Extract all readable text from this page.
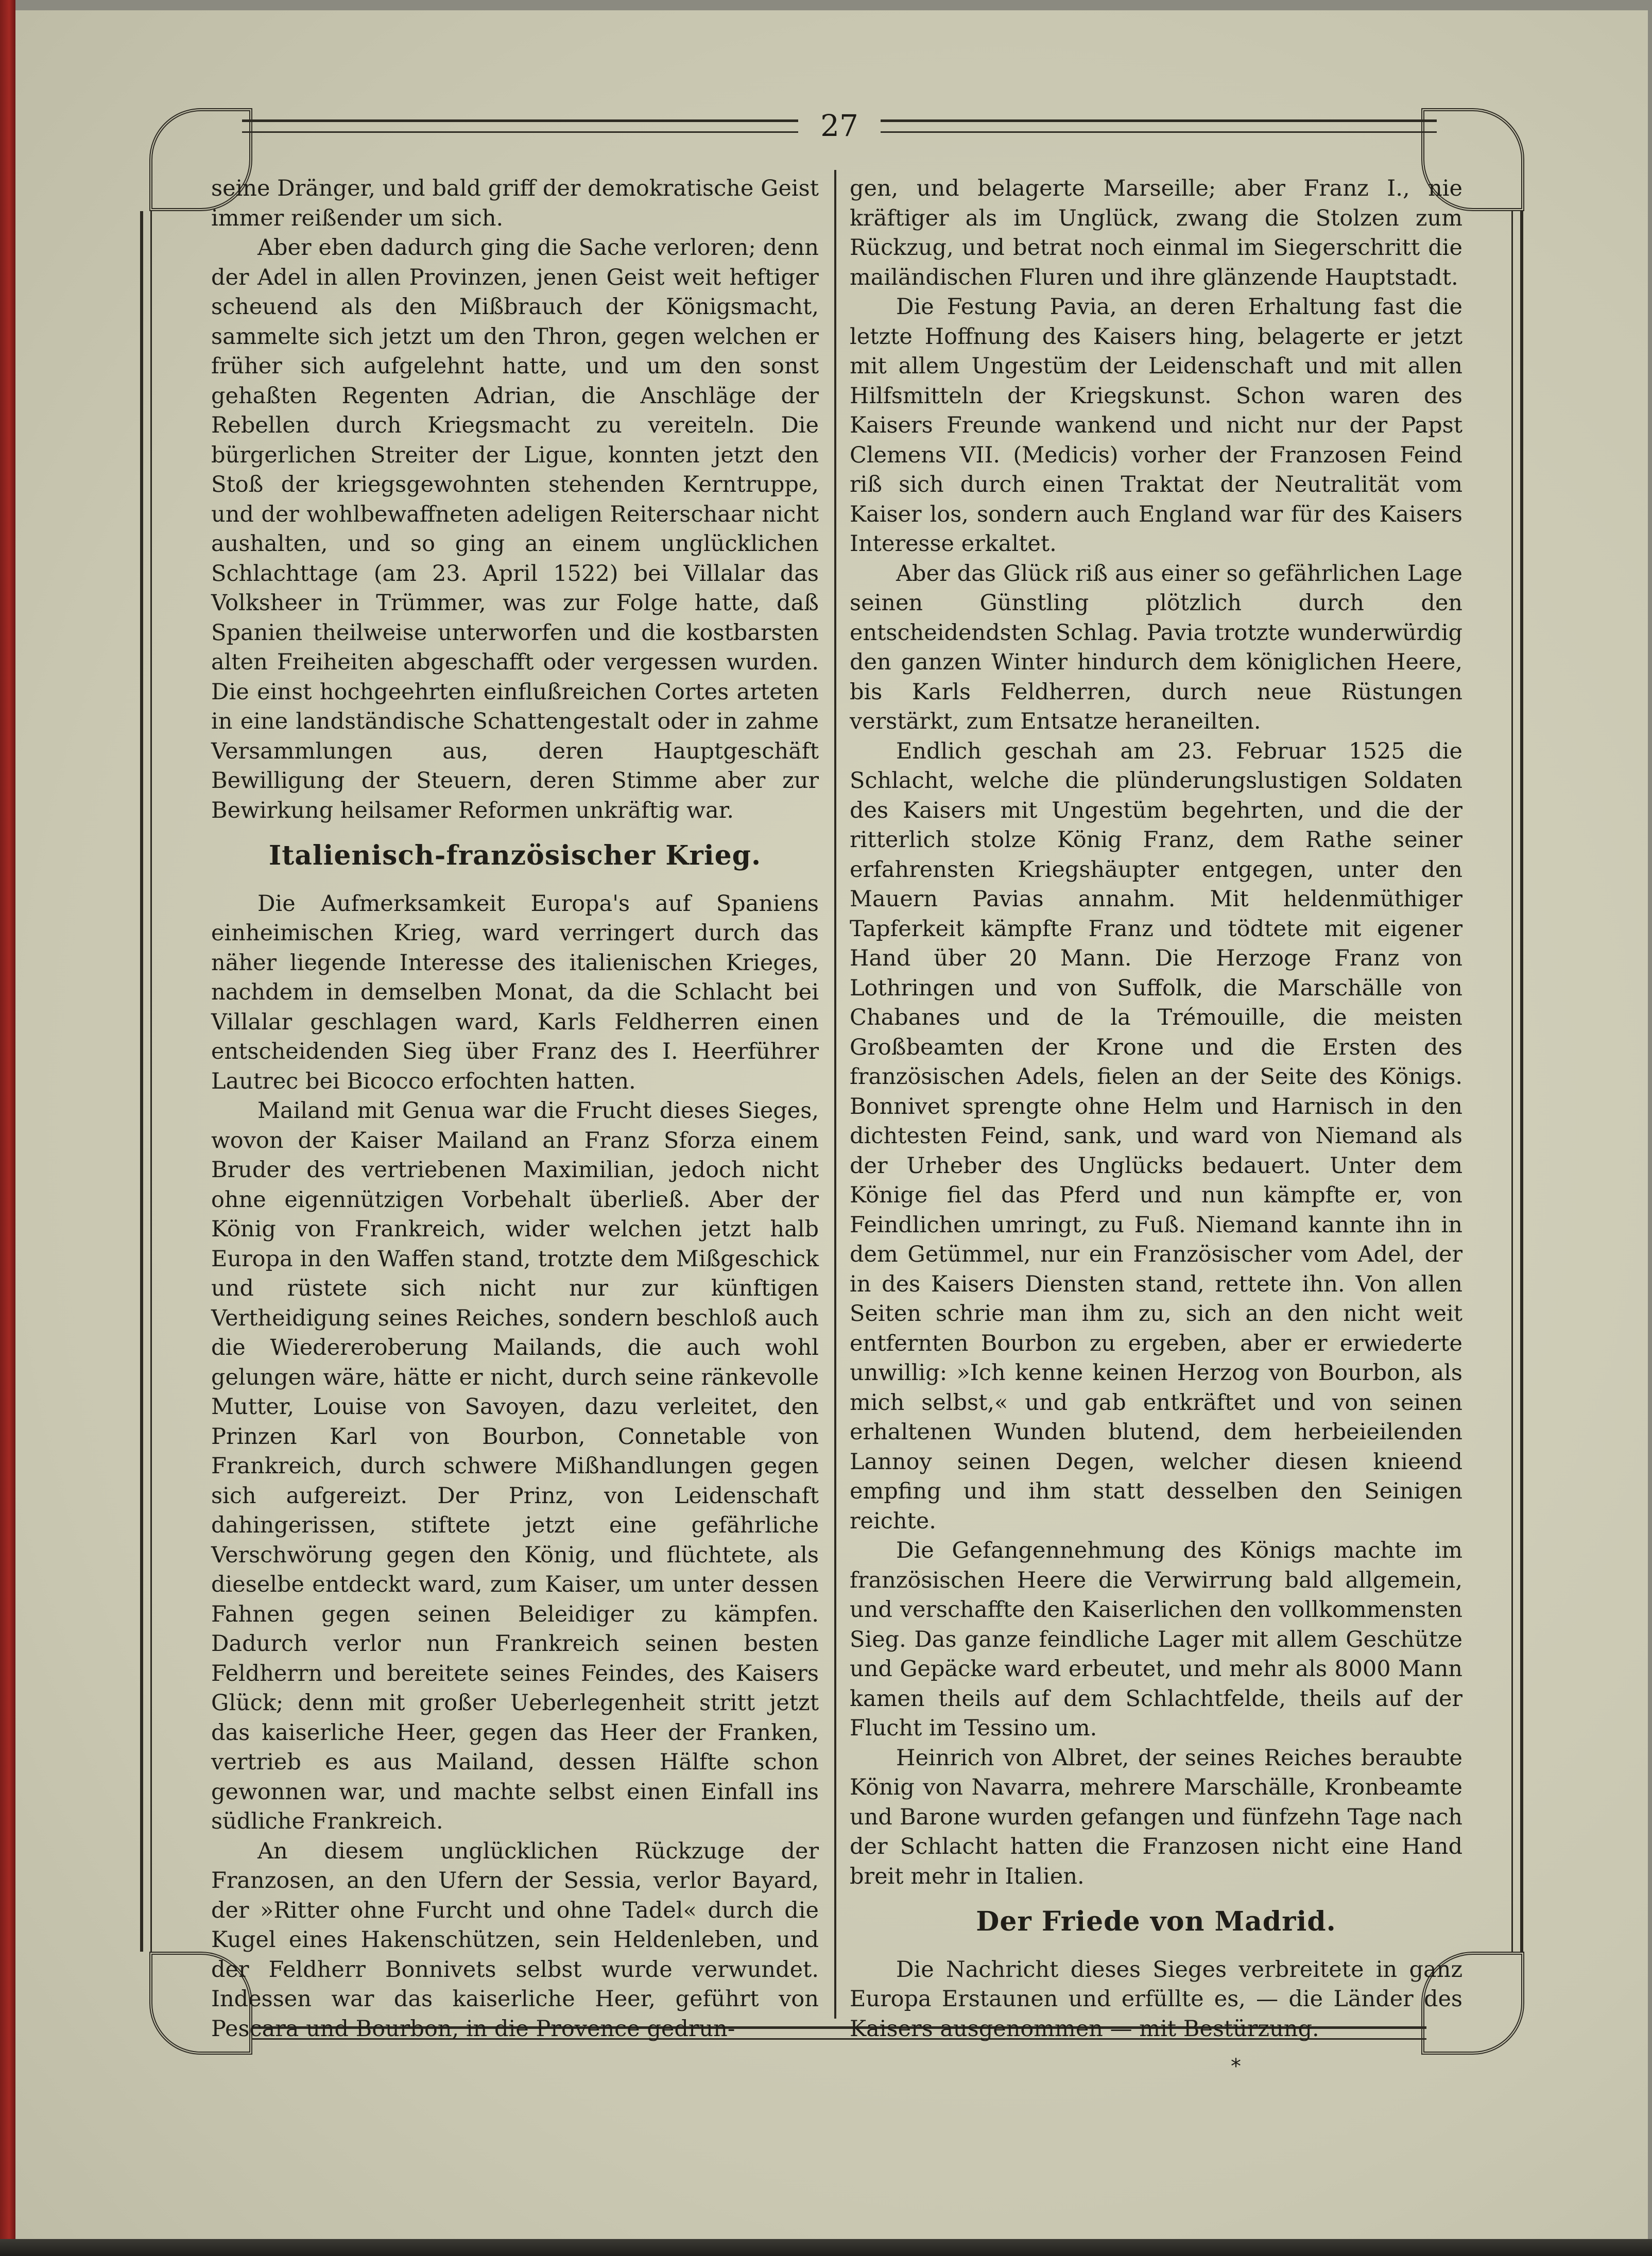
27

seine Dränger, und bald griff der demokratische Geist immer reißender um sich.

Aber eben dadurch ging die Sache verloren; denn der Adel in allen Provinzen, jenen Geist weit heftiger scheuend als den Mißbrauch der Königsmacht, sammelte sich jetzt um den Thron, gegen welchen er früher sich aufgelehnt hatte, und um den sonst gehaßten Regenten Adrian, die Anschläge der Rebellen durch Kriegsmacht zu vereiteln. Die bürgerlichen Streiter der Ligue, konnten jetzt den Stoß der kriegsgewohnten stehenden Kerntruppe, und der wohlbewaffneten adeligen Reiterschaar nicht aushalten, und so ging an einem unglücklichen Schlachttage (am 23. April 1522) bei Villalar das Volksheer in Trümmer, was zur Folge hatte, daß Spanien theilweise unterworfen und die kostbarsten alten Freiheiten abgeschafft oder vergessen wurden. Die einst hochgeehrten einflußreichen Cortes arteten in eine landständische Schattengestalt oder in zahme Versammlungen aus, deren Hauptgeschäft Bewilligung der Steuern, deren Stimme aber zur Bewirkung heilsamer Reformen unkräftig war.

Italienisch-französischer Krieg.

Die Aufmerksamkeit Europa's auf Spaniens einheimischen Krieg, ward verringert durch das näher liegende Interesse des italienischen Krieges, nachdem in demselben Monat, da die Schlacht bei Villalar geschlagen ward, Karls Feldherren einen entscheidenden Sieg über Franz des I. Heerführer Lautrec bei Bicocco erfochten hatten.

Mailand mit Genua war die Frucht dieses Sieges, wovon der Kaiser Mailand an Franz Sforza einem Bruder des vertriebenen Maximilian, jedoch nicht ohne eigennützigen Vorbehalt überließ. Aber der König von Frankreich, wider welchen jetzt halb Europa in den Waffen stand, trotzte dem Mißgeschick und rüstete sich nicht nur zur künftigen Vertheidigung seines Reiches, sondern beschloß auch die Wiedereroberung Mailands, die auch wohl gelungen wäre, hätte er nicht, durch seine ränkevolle Mutter, Louise von Savoyen, dazu verleitet, den Prinzen Karl von Bourbon, Connetable von Frankreich, durch schwere Mißhandlungen gegen sich aufgereizt. Der Prinz, von Leidenschaft dahingerissen, stiftete jetzt eine gefährliche Verschwörung gegen den König, und flüchtete, als dieselbe entdeckt ward, zum Kaiser, um unter dessen Fahnen gegen seinen Beleidiger zu kämpfen. Dadurch verlor nun Frankreich seinen besten Feldherrn und bereitete seines Feindes, des Kaisers Glück; denn mit großer Ueberlegenheit stritt jetzt das kaiserliche Heer, gegen das Heer der Franken, vertrieb es aus Mailand, dessen Hälfte schon gewonnen war, und machte selbst einen Einfall ins südliche Frankreich.

An diesem unglücklichen Rückzuge der Franzosen, an den Ufern der Sessia, verlor Bayard, der »Ritter ohne Furcht und ohne Tadel« durch die Kugel eines Hakenschützen, sein Heldenleben, und der Feldherr Bonnivets selbst wurde verwundet. Indessen war das kaiserliche Heer, geführt von Pescara und Bourbon, in die Provence gedrun-

gen, und belagerte Marseille; aber Franz I., nie kräftiger als im Unglück, zwang die Stolzen zum Rückzug, und betrat noch einmal im Siegerschritt die mailändischen Fluren und ihre glänzende Hauptstadt.

Die Festung Pavia, an deren Erhaltung fast die letzte Hoffnung des Kaisers hing, belagerte er jetzt mit allem Ungestüm der Leidenschaft und mit allen Hilfsmitteln der Kriegskunst. Schon waren des Kaisers Freunde wankend und nicht nur der Papst Clemens VII. (Medicis) vorher der Franzosen Feind riß sich durch einen Traktat der Neutralität vom Kaiser los, sondern auch England war für des Kaisers Interesse erkaltet.

Aber das Glück riß aus einer so gefährlichen Lage seinen Günstling plötzlich durch den entscheidendsten Schlag. Pavia trotzte wunderwürdig den ganzen Winter hindurch dem königlichen Heere, bis Karls Feldherren, durch neue Rüstungen verstärkt, zum Entsatze heraneilten.

Endlich geschah am 23. Februar 1525 die Schlacht, welche die plünderungslustigen Soldaten des Kaisers mit Ungestüm begehrten, und die der ritterlich stolze König Franz, dem Rathe seiner erfahrensten Kriegshäupter entgegen, unter den Mauern Pavias annahm. Mit heldenmüthiger Tapferkeit kämpfte Franz und tödtete mit eigener Hand über 20 Mann. Die Herzoge Franz von Lothringen und von Suffolk, die Marschälle von Chabanes und de la Trémouille, die meisten Großbeamten der Krone und die Ersten des französischen Adels, fielen an der Seite des Königs. Bonnivet sprengte ohne Helm und Harnisch in den dichtesten Feind, sank, und ward von Niemand als der Urheber des Unglücks bedauert. Unter dem Könige fiel das Pferd und nun kämpfte er, von Feindlichen umringt, zu Fuß. Niemand kannte ihn in dem Getümmel, nur ein Französischer vom Adel, der in des Kaisers Diensten stand, rettete ihn. Von allen Seiten schrie man ihm zu, sich an den nicht weit entfernten Bourbon zu ergeben, aber er erwiederte unwillig: »Ich kenne keinen Herzog von Bourbon, als mich selbst,« und gab entkräftet und von seinen erhaltenen Wunden blutend, dem herbeieilenden Lannoy seinen Degen, welcher diesen knieend empfing und ihm statt desselben den Seinigen reichte.

Die Gefangennehmung des Königs machte im französischen Heere die Verwirrung bald allgemein, und verschaffte den Kaiserlichen den vollkommensten Sieg. Das ganze feindliche Lager mit allem Geschütze und Gepäcke ward erbeutet, und mehr als 8000 Mann kamen theils auf dem Schlachtfelde, theils auf der Flucht im Tessino um.

Heinrich von Albret, der seines Reiches beraubte König von Navarra, mehrere Marschälle, Kronbeamte und Barone wurden gefangen und fünfzehn Tage nach der Schlacht hatten die Franzosen nicht eine Hand breit mehr in Italien.

Der Friede von Madrid.

Die Nachricht dieses Sieges verbreitete in ganz Europa Erstaunen und erfüllte es, — die Länder des Kaisers ausgenommen — mit Bestürzung.

*
